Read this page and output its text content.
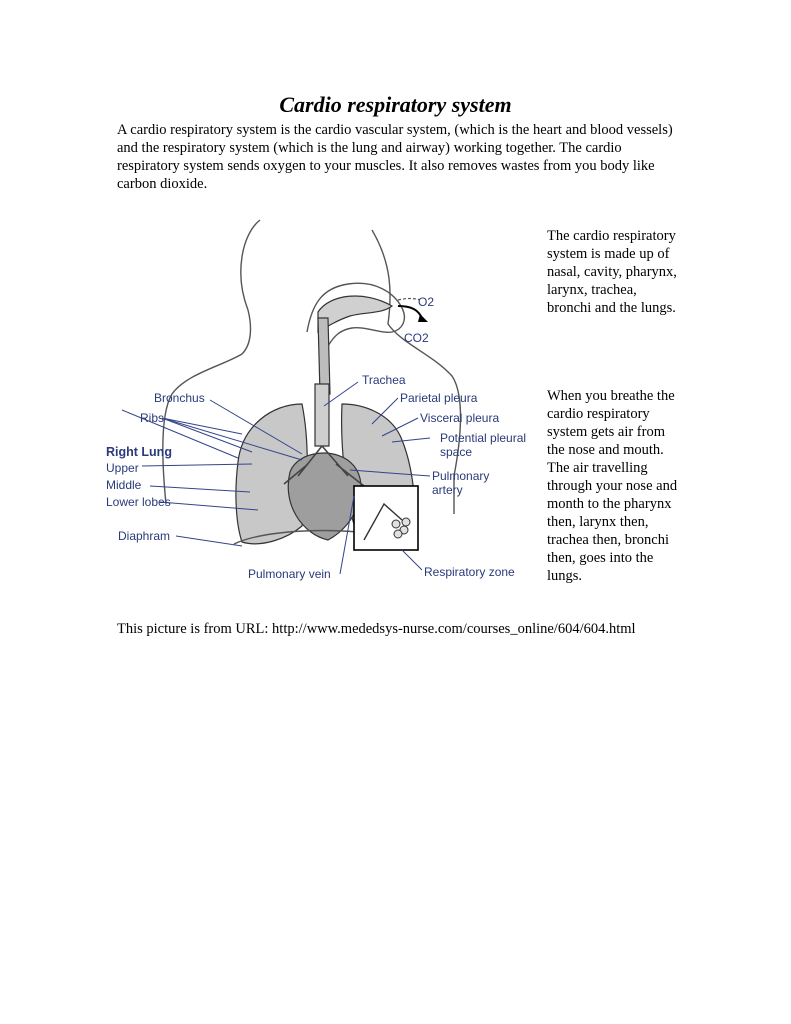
Cardio respiratory system

A cardio respiratory system is the cardio vascular system, (which is the heart and blood vessels) and the respiratory system (which is the lung and airway) working together. The cardio respiratory system sends oxygen to your muscles. It also removes wastes from you body like carbon dioxide.

O2
CO2
Trachea
Bronchus	Parietal pleura
Ribs	Visceral pleura
Potential pleural
space
Right Lung
Upper
Middle
Lower lobes
Pulmonary
artery
Diaphram
Pulmonary vein	Respiratory zone

The cardio respiratory system is made up of nasal, cavity, pharynx, larynx, trachea, bronchi and the lungs.

When you breathe the cardio respiratory system gets air from the nose and mouth. The air travelling through your nose and month to the pharynx then, larynx then, trachea then, bronchi then, goes into the lungs.

This picture is from URL: http://www.mededsys-nurse.com/courses_online/604/604.html
